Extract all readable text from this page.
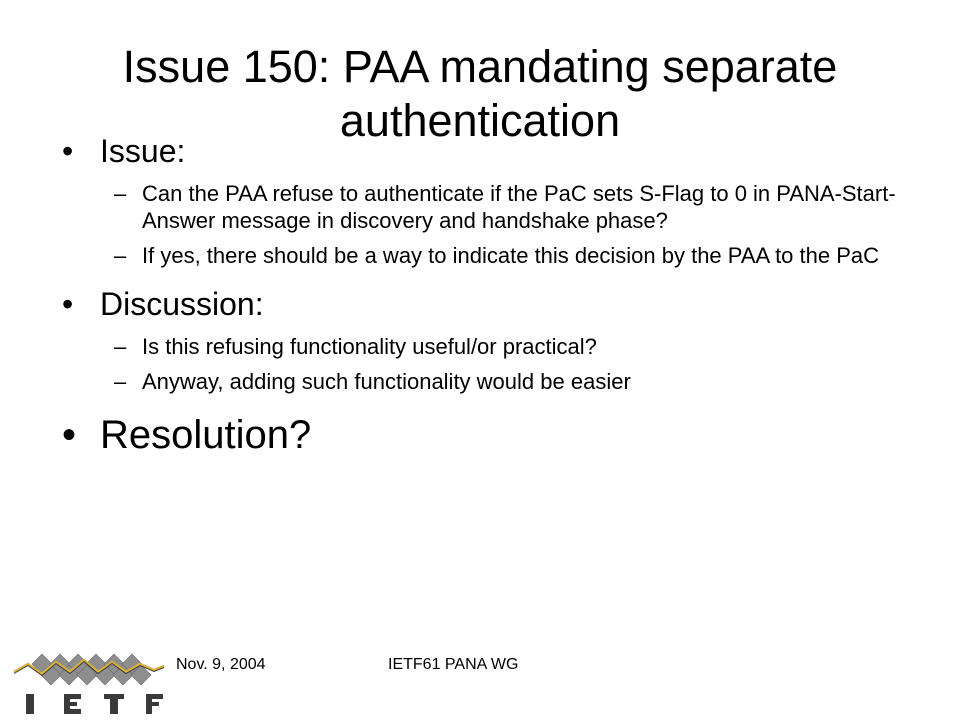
Issue 150: PAA mandating separate authentication
• Issue:
– Can the PAA refuse to authenticate if the PaC sets S-Flag to 0 in PANA-Start-Answer message in discovery and handshake phase?
– If yes, there should be a way to indicate this decision by the PAA to the PaC
• Discussion:
– Is this refusing functionality useful/or practical?
– Anyway, adding such functionality would be easier
• Resolution?
Nov. 9, 2004	IETF61 PANA WG
